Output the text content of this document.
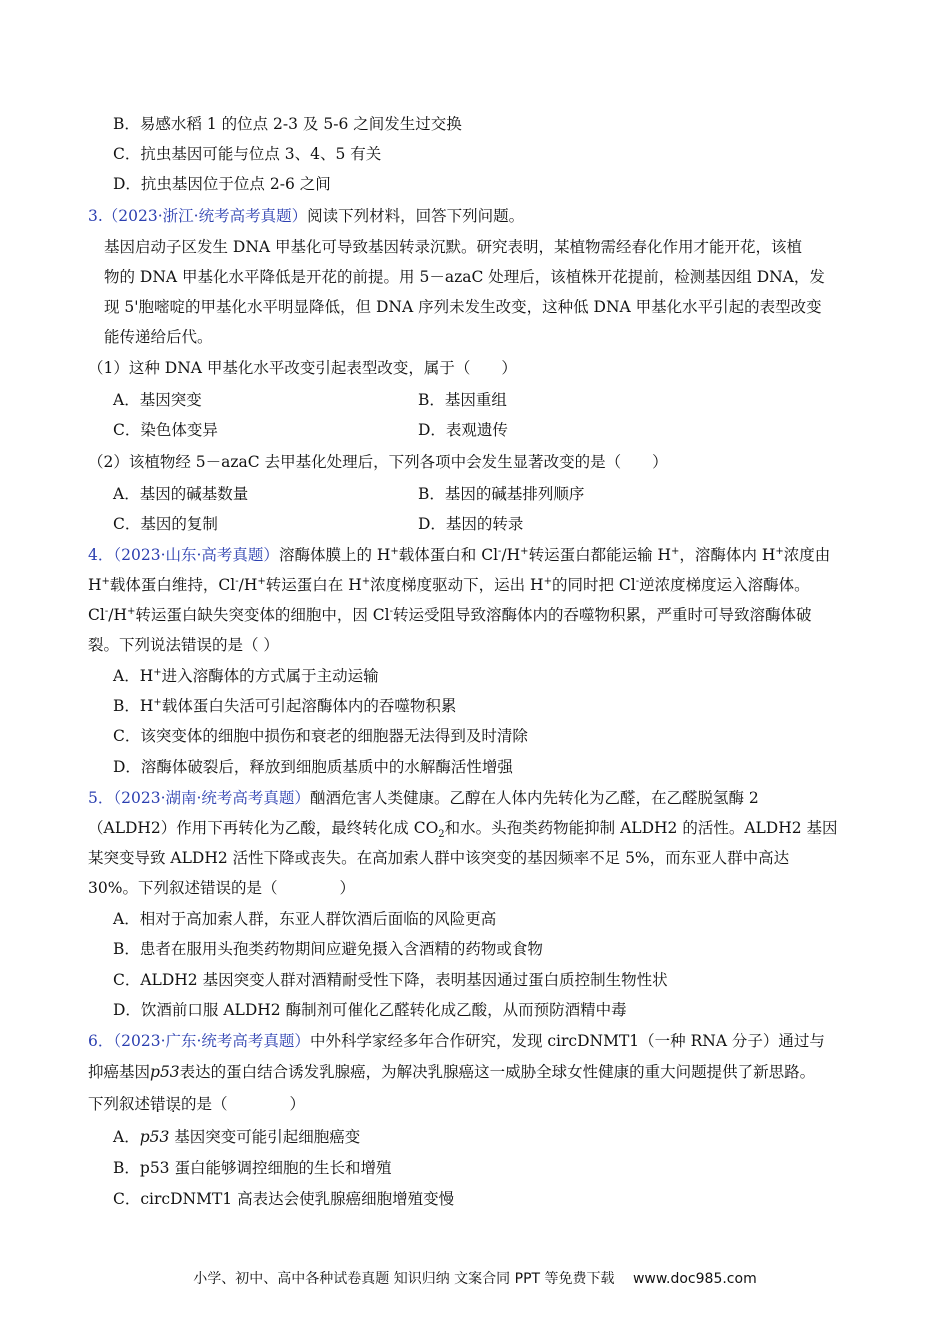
B．易感水稻 1 的位点 2-3 及 5-6 之间发生过交换
C．抗虫基因可能与位点 3、4、5 有关
D．抗虫基因位于位点 2-6 之间
3.（2023·浙江·统考高考真题）阅读下列材料，回答下列问题。
基因启动子区发生 DNA 甲基化可导致基因转录沉默。研究表明，某植物需经春化作用才能开花，该植
物的 DNA 甲基化水平降低是开花的前提。用 5－azaC 处理后，该植株开花提前，检测基因组 DNA，发
现 5'胞嘧啶的甲基化水平明显降低，但 DNA 序列未发生改变，这种低 DNA 甲基化水平引起的表型改变
能传递给后代。
（1）这种 DNA 甲基化水平改变引起表型改变，属于（　　）
A．基因突变	B．基因重组
C．染色体变异	D．表观遗传
（2）该植物经 5－azaC 去甲基化处理后，下列各项中会发生显著改变的是（　　）
A．基因的碱基数量	B．基因的碱基排列顺序
C．基因的复制	D．基因的转录
4．（2023·山东·高考真题）溶酶体膜上的 H+载体蛋白和 Cl-/H+转运蛋白都能运输 H+，溶酶体内 H+浓度由
H+载体蛋白维持，Cl-/H+转运蛋白在 H+浓度梯度驱动下，运出 H+的同时把 Cl-逆浓度梯度运入溶酶体。
Cl-/H+转运蛋白缺失突变体的细胞中，因 Cl-转运受阻导致溶酶体内的吞噬物积累，严重时可导致溶酶体破
裂。下列说法错误的是（ ）
A．H+进入溶酶体的方式属于主动运输
B．H+载体蛋白失活可引起溶酶体内的吞噬物积累
C．该突变体的细胞中损伤和衰老的细胞器无法得到及时清除
D．溶酶体破裂后，释放到细胞质基质中的水解酶活性增强
5．（2023·湖南·统考高考真题）酗酒危害人类健康。乙醇在人体内先转化为乙醛，在乙醛脱氢酶 2
（ALDH2）作用下再转化为乙酸，最终转化成 $CO_2$和水。头孢类药物能抑制 ALDH2 的活性。ALDH2 基因
某突变导致 ALDH2 活性下降或丧失。在高加索人群中该突变的基因频率不足 5%，而东亚人群中高达
30%。下列叙述错误的是（　　　　）
A．相对于高加索人群，东亚人群饮酒后面临的风险更高
B．患者在服用头孢类药物期间应避免摄入含酒精的药物或食物
C．ALDH2 基因突变人群对酒精耐受性下降，表明基因通过蛋白质控制生物性状
D．饮酒前口服 ALDH2 酶制剂可催化乙醛转化成乙酸，从而预防酒精中毒
6．（2023·广东·统考高考真题）中外科学家经多年合作研究，发现 circDNMT1（一种 RNA 分子）通过与
抑癌基因p53表达的蛋白结合诱发乳腺癌，为解决乳腺癌这一威胁全球女性健康的重大问题提供了新思路。
下列叙述错误的是（　　　　）
A．p53 基因突变可能引起细胞癌变
B．p53 蛋白能够调控细胞的生长和增殖
C．circDNMT1 高表达会使乳腺癌细胞增殖变慢
小学、初中、高中各种试卷真题 知识归纳 文案合同 PPT 等免费下载　 www.doc985.com
